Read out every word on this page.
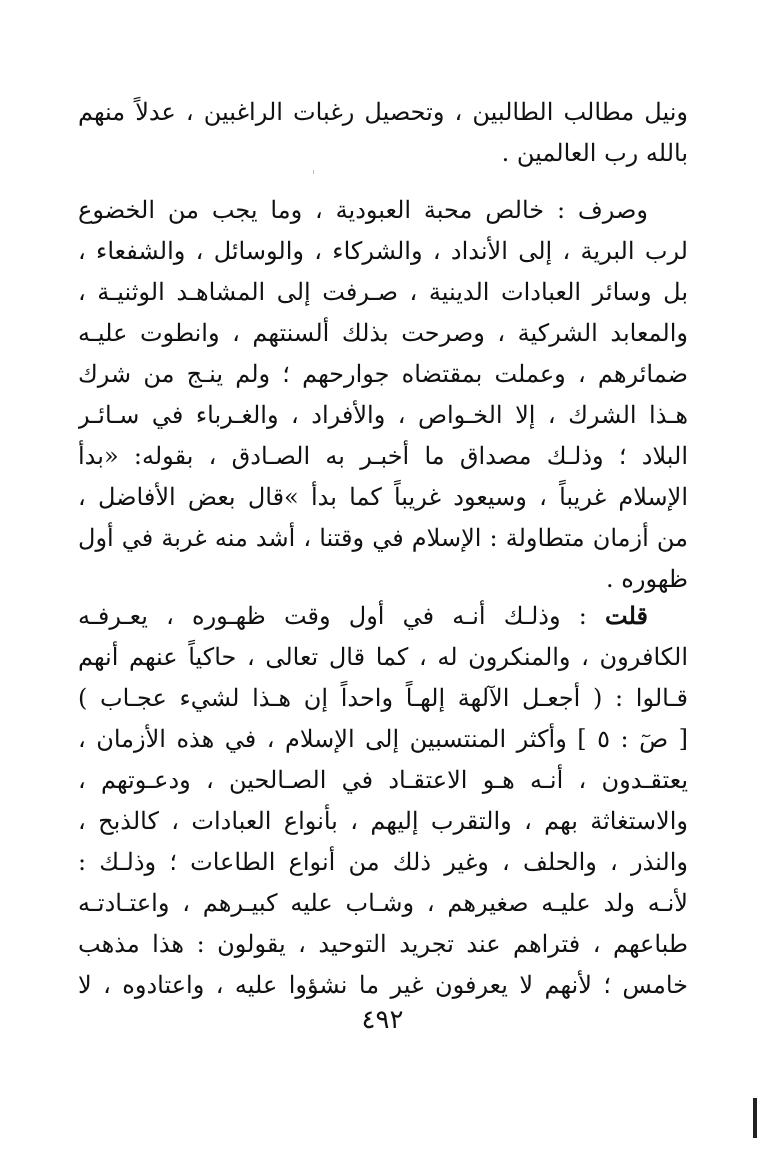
ونيل مطالب الطالبين ، وتحصيل رغبات الراغبين ، عدلاً منهم
بالله رب العالمين .
وصرف : خالص محبة العبودية ، وما يجب من الخضوع
لرب البرية ، إلى الأنداد ، والشركاء ، والوسائل ، والشفعاء ،
بل وسائر العبادات الدينية ، صـرفت إلى المشاهـد الوثنيـة ،
والمعابد الشركية ، وصرحت بذلك ألسنتهم ، وانطوت عليـه
ضمائرهم ، وعملت بمقتضاه جوارحهم ؛ ولم ينـج من شرك
هـذا الشرك ، إلا الخـواص ، والأفراد ، والغـرباء في سـائـر
البلاد ؛ وذلـك مصداق ما أخبـر به الصـادق ، بقوله: «بدأ
الإسلام غريباً ، وسيعود غريباً كما بدأ »قال بعض الأفاضل ،
من أزمان متطاولة : الإسلام في وقتنا ، أشد منه غربة في أول
ظهوره .
قلت : وذلـك أنـه في أول وقت ظهـوره ، يعـرفـه
الكافرون ، والمنكرون له ، كما قال تعالى ، حاكياً عنهم أنهم
قـالوا : ( أجعـل الآلهة إلهـاً واحداً إن هـذا لشيء عجـاب )
[ صٓ : ٥ ] وأكثر المنتسبين إلى الإسلام ، في هذه الأزمان ،
يعتقـدون ، أنـه هـو الاعتقـاد في الصـالحين ، ودعـوتهم ،
والاستغاثة بهم ، والتقرب إليهم ، بأنواع العبادات ، كالذبح ،
والنذر ، والحلف ، وغير ذلك من أنواع الطاعات ؛ وذلـك :
لأنـه ولد عليـه صغيرهم ، وشـاب عليه كبيـرهم ، واعتـادتـه
طباعهم ، فتراهم عند تجريد التوحيد ، يقولون : هذا مذهب
خامس ؛ لأنهم لا يعرفون غير ما نشؤوا عليه ، واعتادوه ، لا
٤٩٢
